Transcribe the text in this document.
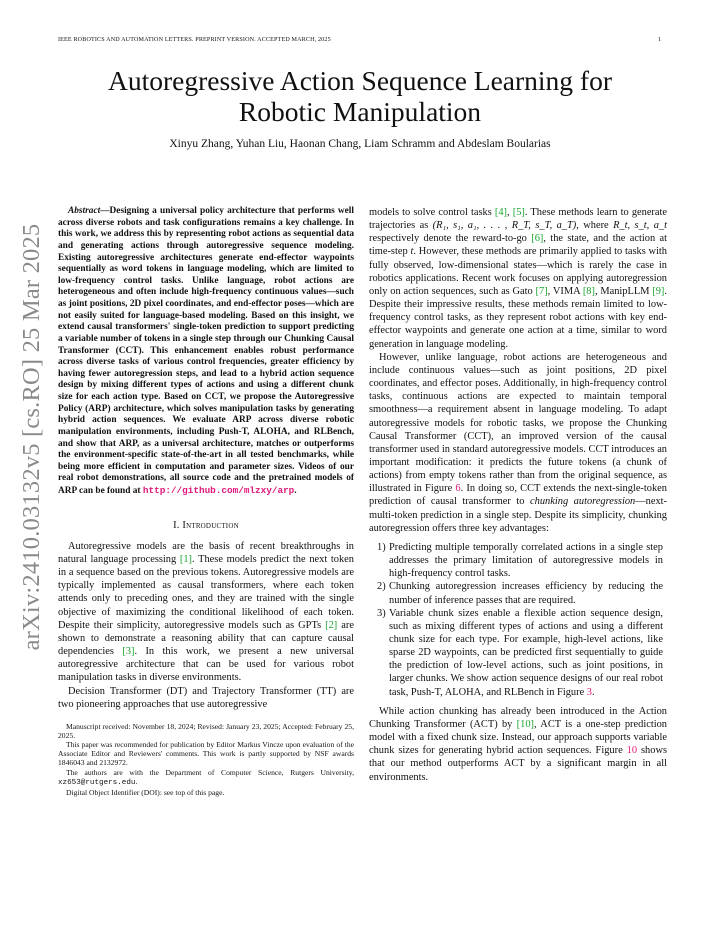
IEEE ROBOTICS AND AUTOMATION LETTERS. PREPRINT VERSION. ACCEPTED MARCH, 2025	1
Autoregressive Action Sequence Learning for
Robotic Manipulation
Xinyu Zhang, Yuhan Liu, Haonan Chang, Liam Schramm and Abdeslam Boularias
arXiv:2410.03132v5 [cs.RO] 25 Mar 2025

Abstract—Designing a universal policy architecture that performs well across diverse robots and task configurations remains a key challenge. In this work, we address this by representing robot actions as sequential data and generating actions through autoregressive sequence modeling. Existing autoregressive architectures generate end-effector waypoints sequentially as word tokens in language modeling, which are limited to low-frequency control tasks. Unlike language, robot actions are heterogeneous and often include high-frequency continuous values—such as joint positions, 2D pixel coordinates, and end-effector poses—which are not easily suited for language-based modeling. Based on this insight, we extend causal transformers' single-token prediction to support predicting a variable number of tokens in a single step through our Chunking Causal Transformer (CCT). This enhancement enables robust performance across diverse tasks of various control frequencies, greater efficiency by having fewer autoregression steps, and lead to a hybrid action sequence design by mixing different types of actions and using a different chunk size for each action type. Based on CCT, we propose the Autoregressive Policy (ARP) architecture, which solves manipulation tasks by generating hybrid action sequences. We evaluate ARP across diverse robotic manipulation environments, including Push-T, ALOHA, and RLBench, and show that ARP, as a universal architecture, matches or outperforms the environment-specific state-of-the-art in all tested benchmarks, while being more efficient in computation and parameter sizes. Videos of our real robot demonstrations, all source code and the pretrained models of ARP can be found at http://github.com/mlzxy/arp.

I. Introduction

Autoregressive models are the basis of recent breakthroughs in natural language processing [1]. These models predict the next token in a sequence based on the previous tokens. Autoregressive models are typically implemented as causal transformers, where each token attends only to preceding ones, and they are trained with the single objective of maximizing the conditional likelihood of each token. Despite their simplicity, autoregressive models such as GPTs [2] are shown to demonstrate a reasoning ability that can capture causal dependencies [3]. In this work, we present a new universal autoregressive architecture that can be used for various robot manipulation tasks in diverse environments.

Decision Transformer (DT) and Trajectory Transformer (TT) are two pioneering approaches that use autoregressive

Manuscript received: November 18, 2024; Revised: January 23, 2025; Accepted: February 25, 2025.

This paper was recommended for publication by Editor Markus Vincze upon evaluation of the Associate Editor and Reviewers' comments. This work is partly supported by NSF awards 1846043 and 2132972.

The authors are with the Department of Computer Science, Rutgers University, xz653@rutgers.edu.

Digital Object Identifier (DOI): see top of this page.

models to solve control tasks [4], [5]. These methods learn to generate trajectories as (R₁, s₁, a₁, . . . , R_T, s_T, a_T), where R_t, s_t, a_t respectively denote the reward-to-go [6], the state, and the action at time-step t. However, these methods are primarily applied to tasks with fully observed, low-dimensional states—which is rarely the case in robotics applications. Recent work focuses on applying autoregression only on action sequences, such as Gato [7], VIMA [8], ManipLLM [9]. Despite their impressive results, these methods remain limited to low-frequency control tasks, as they represent robot actions with key end-effector waypoints and generate one action at a time, similar to word generation in language modeling.

However, unlike language, robot actions are heterogeneous and include continuous values—such as joint positions, 2D pixel coordinates, and effector poses. Additionally, in high-frequency control tasks, continuous actions are expected to maintain temporal smoothness—a requirement absent in language modeling. To adapt autoregressive models for robotic tasks, we propose the Chunking Causal Transformer (CCT), an improved version of the causal transformer used in standard autoregressive models. CCT introduces an important modification: it predicts the future tokens (a chunk of actions) from empty tokens rather than from the original sequence, as illustrated in Figure 6. In doing so, CCT extends the next-single-token prediction of causal transformer to chunking autoregression—next-multi-token prediction in a single step. Despite its simplicity, chunking autoregression offers three key advantages:

1) Predicting multiple temporally correlated actions in a single step addresses the primary limitation of autoregressive models in high-frequency control tasks.
2) Chunking autoregression increases efficiency by reducing the number of inference passes that are required.
3) Variable chunk sizes enable a flexible action sequence design, such as mixing different types of actions and using a different chunk size for each type. For example, high-level actions, like sparse 2D waypoints, can be predicted first sequentially to guide the prediction of low-level actions, such as joint positions, in larger chunks. We show action sequence designs of our real robot task, Push-T, ALOHA, and RLBench in Figure 3.

While action chunking has already been introduced in the Action Chunking Transformer (ACT) by [10], ACT is a one-step prediction model with a fixed chunk size. Instead, our approach supports variable chunk sizes for generating hybrid action sequences. Figure 10 shows that our method outperforms ACT by a significant margin in all environments.
